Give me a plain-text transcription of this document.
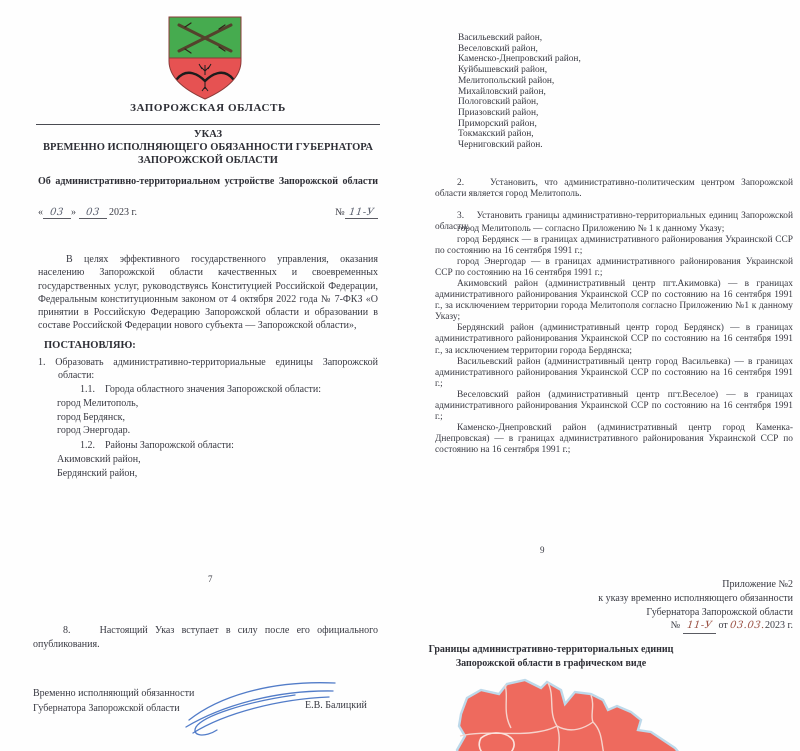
ЗАПОРОЖСКАЯ ОБЛАСТЬ
УКАЗ
ВРЕМЕННО ИСПОЛНЯЮЩЕГО ОБЯЗАННОСТИ ГУБЕРНАТОРА
ЗАПОРОЖСКОЙ ОБЛАСТИ
Об административно-территориальном устройстве Запорожской области
« 03 » 03 2023 г.	№ 11-У

В целях эффективного государственного управления, оказания населению Запорожской области качественных и своевременных государственных услуг, руководствуясь Конституцией Российской Федерации, Федеральным конституционным законом от 4 октября 2022 года № 7-ФКЗ «О принятии в Российскую Федерацию Запорожской области и образовании в составе Российской Федерации нового субъекта — Запорожской области»,

ПОСТАНОВЛЯЮ:
1. Образовать административно-территориальные единицы Запорожской области:
1.1.    Города областного значения Запорожской области:
город Мелитополь,
город Бердянск,
город Энергодар.
1.2.    Районы Запорожской области:
Акимовский район,
Бердянский район,
Васильевский район,
Веселовский район,
Каменско-Днепровский район,
Куйбышевский район,
Мелитопольский район,
Михайловский район,
Пологовский район,
Приазовский район,
Приморский район,
Токмакский район,
Черниговский район.

2.    Установить, что административно-политическим центром Запорожской области является город Мелитополь.

3.    Установить границы административно-территориальных единиц Запорожской области:

город Мелитополь — согласно Приложению № 1 к данному Указу;

город Бердянск — в границах административного районирования Украинской ССР по состоянию на 16 сентября 1991 г.;

город Энергодар — в границах административного районирования Украинской ССР по состоянию на 16 сентября 1991 г.;

Акимовский район (административный центр пгт.Акимовка) — в границах административного районирования Украинской ССР по состоянию на 16 сентября 1991 г., за исключением территории города Мелитополя согласно Приложению №1 к данному Указу;

Бердянский район (административный центр город Бердянск) — в границах административного районирования Украинской ССР по состоянию на 16 сентября 1991 г., за исключением территории города Бердянска;

Васильевский район (административный центр город Васильевка) — в границах административного районирования Украинской ССР по состоянию на 16 сентября 1991 г.;

Веселовский район (административный центр пгт.Веселое) — в границах административного районирования Украинской ССР по состоянию на 16 сентября 1991 г.;

Каменско-Днепровский район (административный центр город Каменка-Днепровская) — в границах административного районирования Украинской ССР по состоянию на 16 сентября 1991 г.;

7

8.    Настоящий Указ вступает в силу после его официального опубликования.

Временно исполняющий обязанности
Губернатора Запорожской области	Е.В. Балицкий
9
Приложение №2
к указу временно исполняющего обязанности
Губернатора Запорожской области
№ 11-У от 03.03.2023 г.
Границы административно-территориальных единиц
Запорожской области в графическом виде
